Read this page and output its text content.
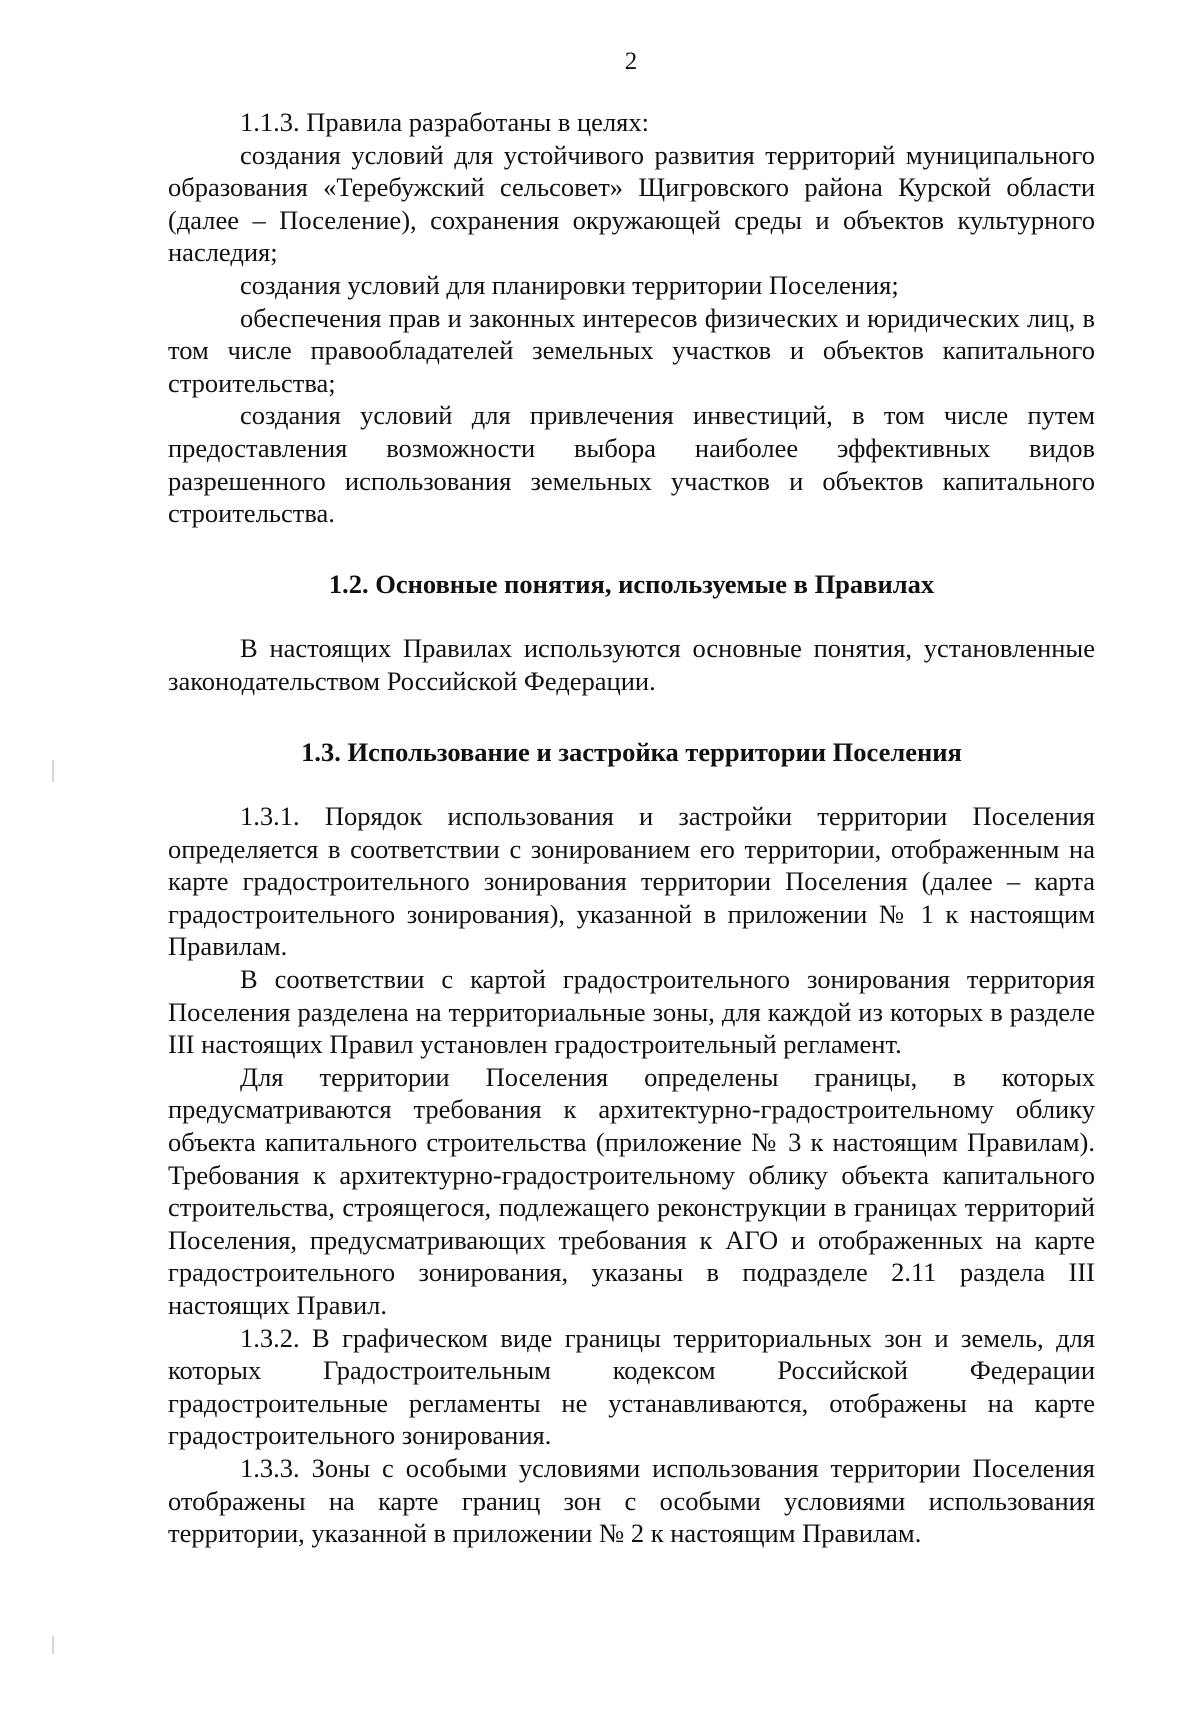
2

1.1.3. Правила разработаны в целях:

создания условий для устойчивого развития территорий муниципального образования «Теребужский сельсовет» Щигровского района Курской области (далее – Поселение), сохранения окружающей среды и объектов культурного наследия;

создания условий для планировки территории Поселения;

обеспечения прав и законных интересов физических и юридических лиц, в том числе правообладателей земельных участков и объектов капитального строительства;

создания условий для привлечения инвестиций, в том числе путем предоставления возможности выбора наиболее эффективных видов разрешенного использования земельных участков и объектов капитального строительства.

1.2. Основные понятия, используемые в Правилах

В настоящих Правилах используются основные понятия, установленные законодательством Российской Федерации.

1.3. Использование и застройка территории Поселения

1.3.1. Порядок использования и застройки территории Поселения определяется в соответствии с зонированием его территории, отображенным на карте градостроительного зонирования территории Поселения (далее – карта градостроительного зонирования), указанной в приложении № 1 к настоящим Правилам.

В соответствии с картой градостроительного зонирования территория Поселения разделена на территориальные зоны, для каждой из которых в разделе III настоящих Правил установлен градостроительный регламент.

Для территории Поселения определены границы, в которых предусматриваются требования к архитектурно-градостроительному облику объекта капитального строительства (приложение № 3 к настоящим Правилам). Требования к архитектурно-градостроительному облику объекта капитального строительства, строящегося, подлежащего реконструкции в границах территорий Поселения, предусматривающих требования к АГО и отображенных на карте градостроительного зонирования, указаны в подразделе 2.11 раздела III настоящих Правил.

1.3.2. В графическом виде границы территориальных зон и земель, для которых Градостроительным кодексом Российской Федерации градостроительные регламенты не устанавливаются, отображены на карте градостроительного зонирования.

1.3.3. Зоны с особыми условиями использования территории Поселения отображены на карте границ зон с особыми условиями использования территории, указанной в приложении № 2 к настоящим Правилам.
